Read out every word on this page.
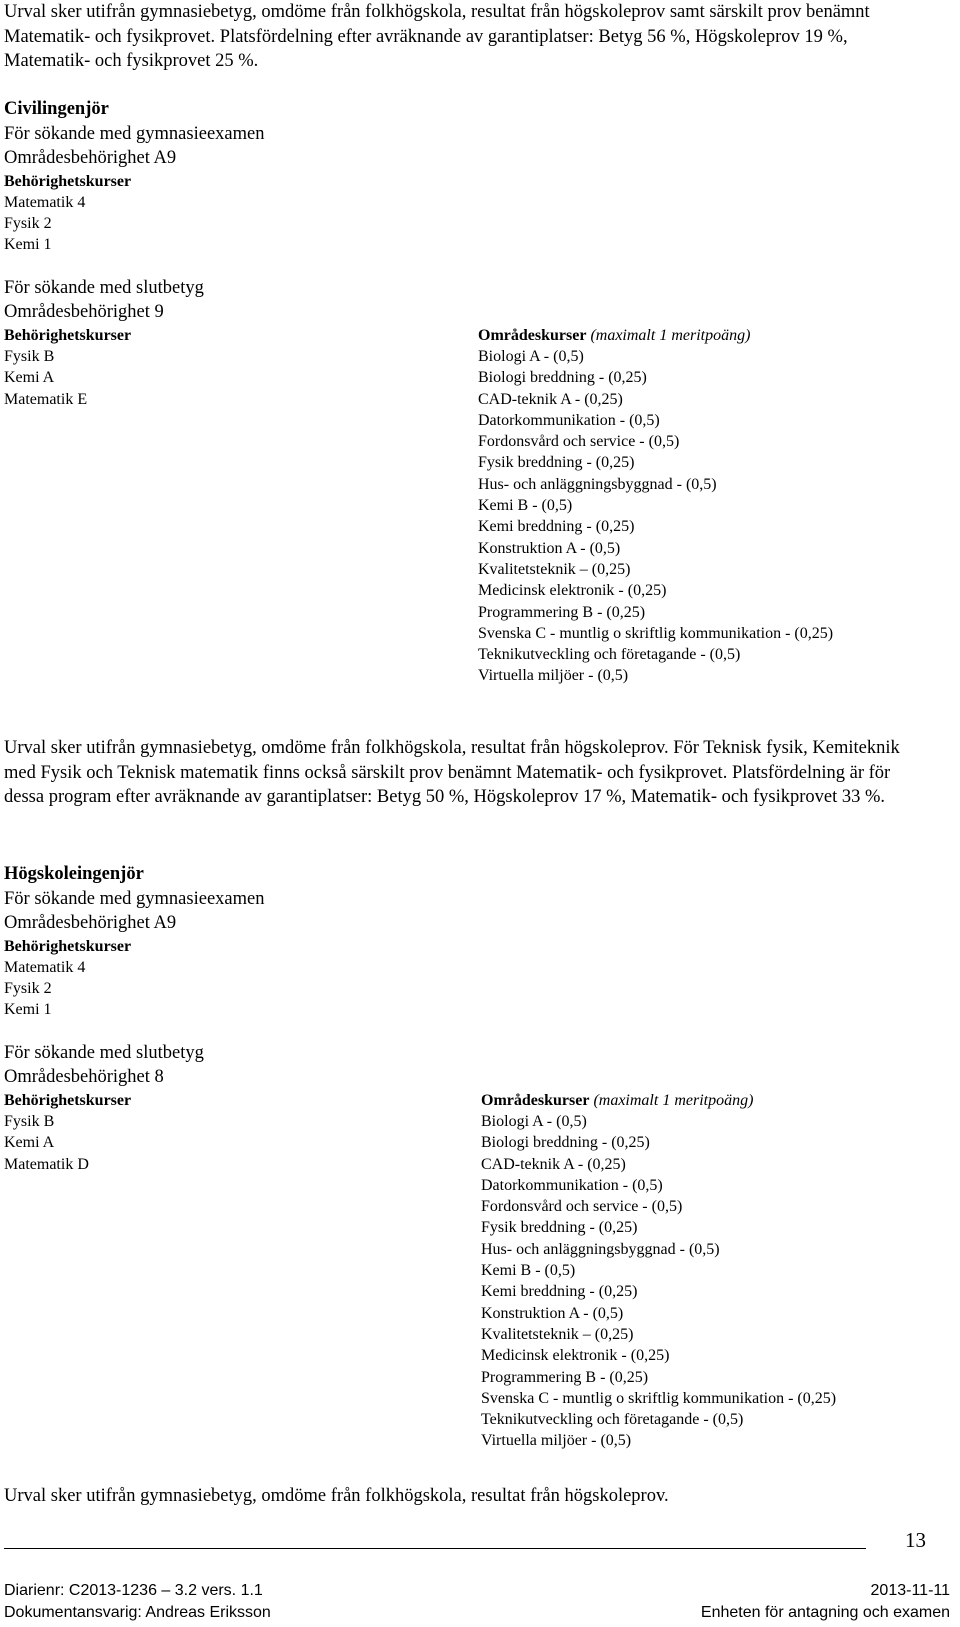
Urval sker utifrån gymnasiebetyg, omdöme från folkhögskola, resultat från högskoleprov samt särskilt prov benämnt Matematik- och fysikprovet. Platsfördelning efter avräknande av garantiplatser: Betyg 56 %, Högskoleprov 19 %, Matematik- och fysikprovet 25 %.

Civilingenjör
För sökande med gymnasieexamen
Områdesbehörighet A9
Behörighetskurser
Matematik 4
Fysik 2
Kemi 1
För sökande med slutbetyg
Områdesbehörighet 9
Behörighetskurser
Fysik B
Kemi A
Matematik E
Områdeskurser (maximalt 1 meritpoäng)
Biologi A - (0,5)
Biologi breddning - (0,25)
CAD-teknik A - (0,25)
Datorkommunikation - (0,5)
Fordonsvård och service - (0,5)
Fysik breddning - (0,25)
Hus- och anläggningsbyggnad - (0,5)
Kemi B - (0,5)
Kemi breddning - (0,25)
Konstruktion A - (0,5)
Kvalitetsteknik – (0,25)
Medicinsk elektronik - (0,25)
Programmering B - (0,25)
Svenska C - muntlig o skriftlig kommunikation - (0,25)
Teknikutveckling och företagande - (0,5)
Virtuella miljöer - (0,5)

Urval sker utifrån gymnasiebetyg, omdöme från folkhögskola, resultat från högskoleprov. För Teknisk fysik, Kemiteknik med Fysik och Teknisk matematik finns också särskilt prov benämnt Matematik- och fysikprovet. Platsfördelning är för dessa program efter avräknande av garantiplatser: Betyg 50 %, Högskoleprov 17 %, Matematik- och fysikprovet 33 %.

Högskoleingenjör
För sökande med gymnasieexamen
Områdesbehörighet A9
Behörighetskurser
Matematik 4
Fysik 2
Kemi 1
För sökande med slutbetyg
Områdesbehörighet 8
Behörighetskurser
Fysik B
Kemi A
Matematik D
Områdeskurser (maximalt 1 meritpoäng)
Biologi A - (0,5)
Biologi breddning - (0,25)
CAD-teknik A - (0,25)
Datorkommunikation - (0,5)
Fordonsvård och service - (0,5)
Fysik breddning - (0,25)
Hus- och anläggningsbyggnad - (0,5)
Kemi B - (0,5)
Kemi breddning - (0,25)
Konstruktion A - (0,5)
Kvalitetsteknik – (0,25)
Medicinsk elektronik - (0,25)
Programmering B - (0,25)
Svenska C - muntlig o skriftlig kommunikation - (0,25)
Teknikutveckling och företagande - (0,5)
Virtuella miljöer - (0,5)

Urval sker utifrån gymnasiebetyg, omdöme från folkhögskola, resultat från högskoleprov.

13
Diarienr: C2013-1236 – 3.2 vers. 1.1	2013-11-11
Dokumentansvarig: Andreas Eriksson	Enheten för antagning och examen
